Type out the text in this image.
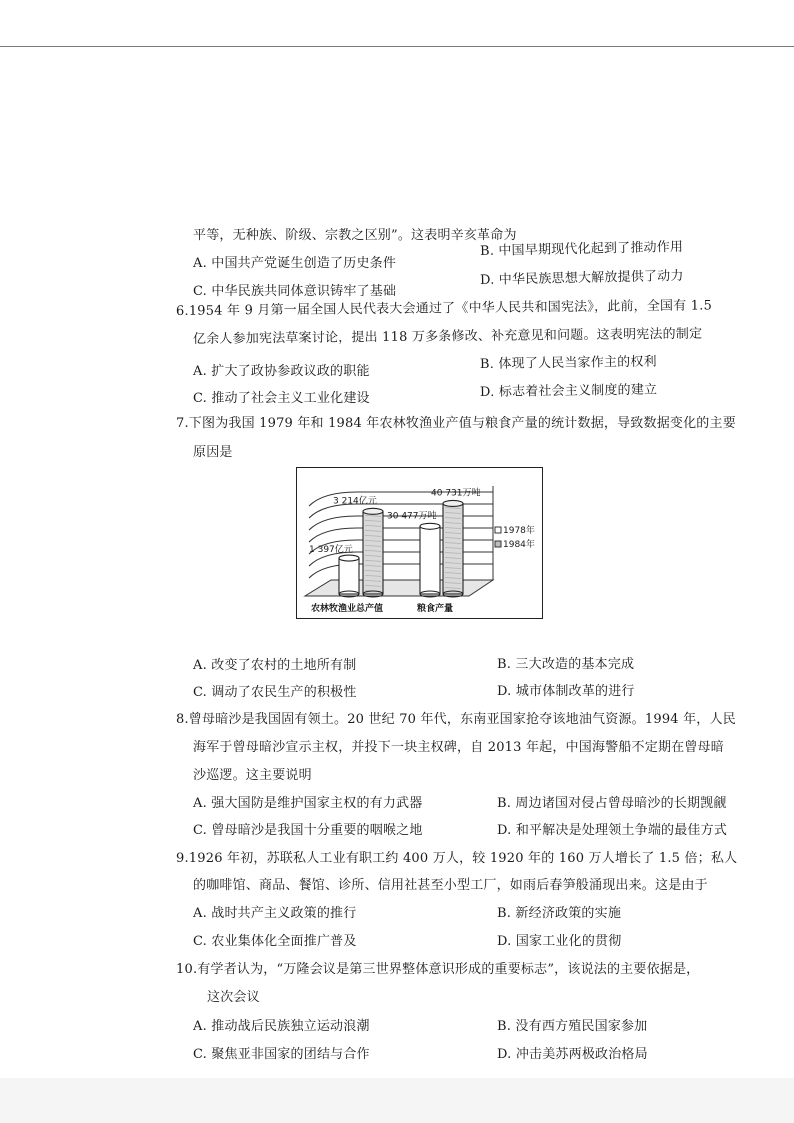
平等，无种族、阶级、宗教之区别”。这表明辛亥革命为
A. 中国共产党诞生创造了历史条件
B. 中国早期现代化起到了推动作用
C. 中华民族共同体意识铸牢了基础
D. 中华民族思想大解放提供了动力
6.1954 年 9 月第一届全国人民代表大会通过了《中华人民共和国宪法》，此前，全国有 1.5
亿余人参加宪法草案讨论，提出 118 万多条修改、补充意见和问题。这表明宪法的制定
A. 扩大了政协参政议政的职能	B. 体现了人民当家作主的权利
C. 推动了社会主义工业化建设	D. 标志着社会主义制度的建立
7.下图为我国 1979 年和 1984 年农林牧渔业产值与粮食产量的统计数据，导致数据变化的主要
原因是
1 397亿元
3 214亿元
30 477万吨
40 731万吨
农林牧渔业总产值	粮食产量
1978年
1984年
A. 改变了农村的土地所有制	B. 三大改造的基本完成
C. 调动了农民生产的积极性	D. 城市体制改革的进行
8.曾母暗沙是我国固有领土。20 世纪 70 年代，东南亚国家抢夺该地油气资源。1994 年，人民
海军于曾母暗沙宣示主权，并投下一块主权碑，自 2013 年起，中国海警船不定期在曾母暗
沙巡逻。这主要说明
A. 强大国防是维护国家主权的有力武器	B. 周边诸国对侵占曾母暗沙的长期觊觎
C. 曾母暗沙是我国十分重要的咽喉之地	D. 和平解决是处理领土争端的最佳方式
9.1926 年初，苏联私人工业有职工约 400 万人，较 1920 年的 160 万人增长了 1.5 倍；私人
的咖啡馆、商品、餐馆、诊所、信用社甚至小型工厂，如雨后春笋般涌现出来。这是由于
A. 战时共产主义政策的推行	B. 新经济政策的实施
C. 农业集体化全面推广普及	D. 国家工业化的贯彻
10.有学者认为，“万隆会议是第三世界整体意识形成的重要标志”，该说法的主要依据是，
这次会议
A. 推动战后民族独立运动浪潮	B. 没有西方殖民国家参加
C. 聚焦亚非国家的团结与合作	D. 冲击美苏两极政治格局
